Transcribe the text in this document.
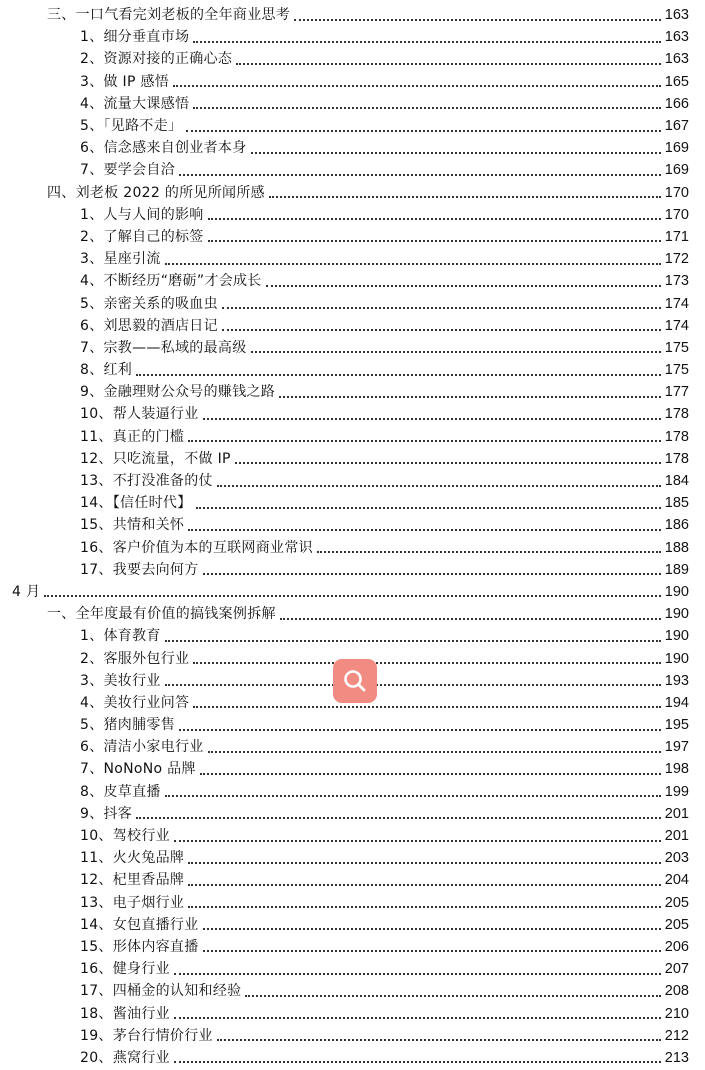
三、一口气看完刘老板的全年商业思考	163
1、细分垂直市场	163
2、资源对接的正确心态	163
3、做 IP 感悟	165
4、流量大课感悟	166
5、「见路不走」	167
6、信念感来自创业者本身	169
7、要学会自洽	169
四、刘老板 2022 的所见所闻所感	170
1、人与人间的影响	170
2、了解自己的标签	171
3、星座引流	172
4、不断经历“磨砺”才会成长	173
5、亲密关系的吸血虫	174
6、刘思毅的酒店日记	174
7、宗教——私域的最高级	175
8、红利	175
9、金融理财公众号的赚钱之路	177
10、帮人装逼行业	178
11、真正的门槛	178
12、只吃流量，不做 IP	178
13、不打没准备的仗	184
14、【信任时代】	185
15、共情和关怀	186
16、客户价值为本的互联网商业常识	188
17、我要去向何方	189
4 月	190
一、全年度最有价值的搞钱案例拆解	190
1、体育教育	190
2、客服外包行业	190
3、美妆行业	193
4、美妆行业问答	194
5、猪肉脯零售	195
6、清洁小家电行业	197
7、NoNoNo 品牌	198
8、皮草直播	199
9、抖客	201
10、驾校行业	201
11、火火兔品牌	203
12、杞里香品牌	204
13、电子烟行业	205
14、女包直播行业	205
15、形体内容直播	206
16、健身行业	207
17、四桶金的认知和经验	208
18、酱油行业	210
19、茅台行情价行业	212
20、燕窝行业	213
